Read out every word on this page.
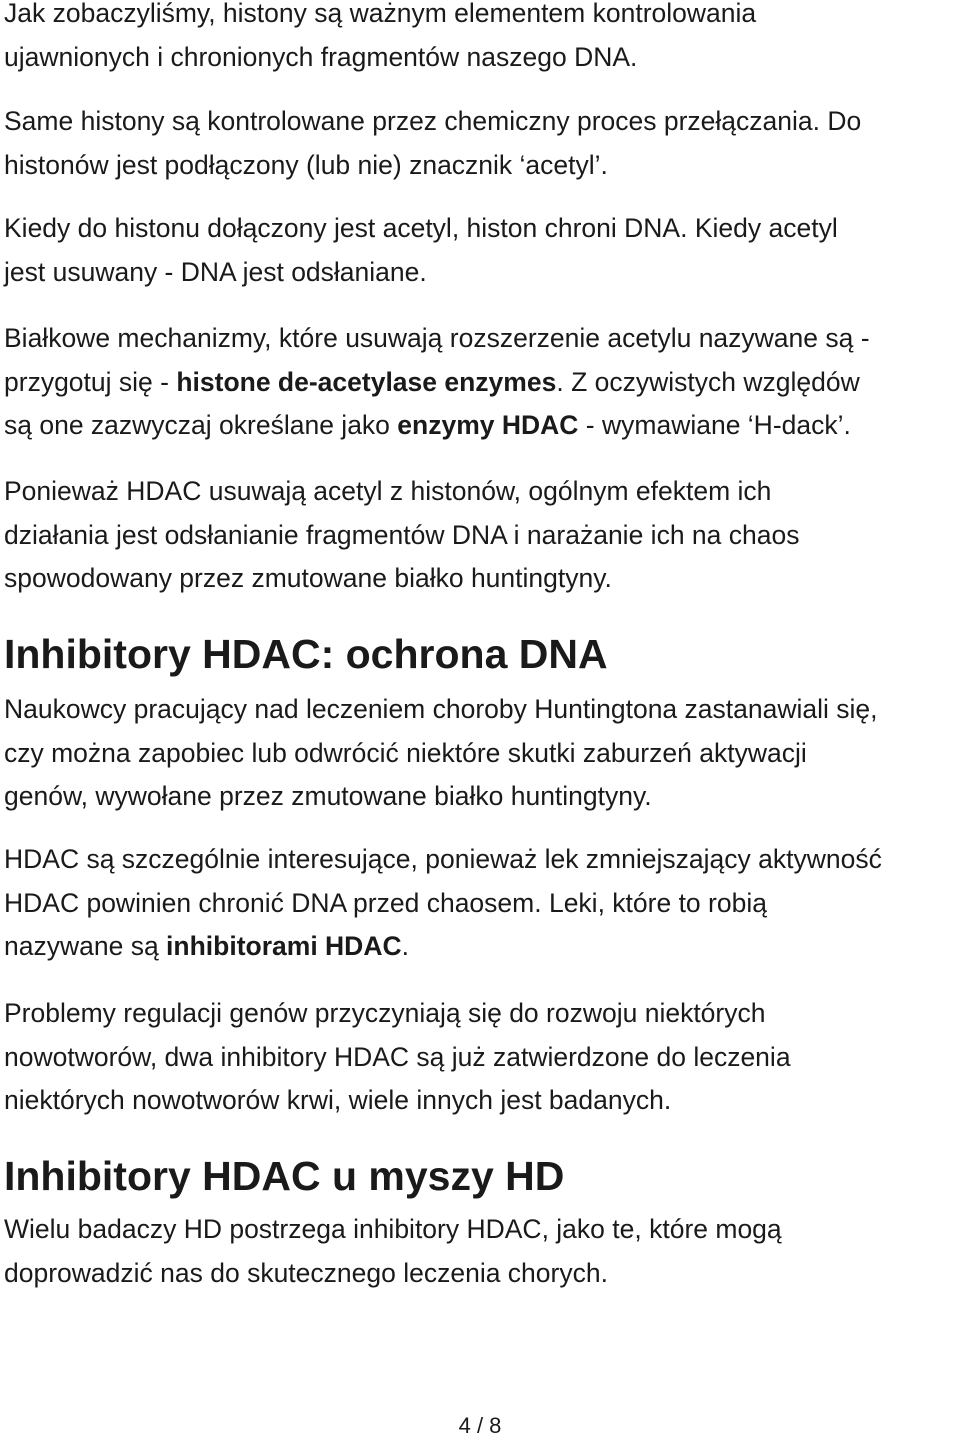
Jak zobaczyliśmy, histony są ważnym elementem kontrolowania
ujawnionych i chronionych fragmentów naszego DNA.

Same histony są kontrolowane przez chemiczny proces przełączania. Do
histonów jest podłączony (lub nie) znacznik ‘acetyl’.

Kiedy do histonu dołączony jest acetyl, histon chroni DNA. Kiedy acetyl
jest usuwany - DNA jest odsłaniane.

Białkowe mechanizmy, które usuwają rozszerzenie acetylu nazywane są -
przygotuj się - histone de-acetylase enzymes. Z oczywistych względów
są one zazwyczaj określane jako enzymy HDAC - wymawiane ‘H-dack’.

Ponieważ HDAC usuwają acetyl z histonów, ogólnym efektem ich
działania jest odsłanianie fragmentów DNA i narażanie ich na chaos
spowodowany przez zmutowane białko huntingtyny.

Inhibitory HDAC: ochrona DNA

Naukowcy pracujący nad leczeniem choroby Huntingtona zastanawiali się,
czy można zapobiec lub odwrócić niektóre skutki zaburzeń aktywacji
genów, wywołane przez zmutowane białko huntingtyny.

HDAC są szczególnie interesujące, ponieważ lek zmniejszający aktywność
HDAC powinien chronić DNA przed chaosem. Leki, które to robią
nazywane są inhibitorami HDAC.

Problemy regulacji genów przyczyniają się do rozwoju niektórych
nowotworów, dwa inhibitory HDAC są już zatwierdzone do leczenia
niektórych nowotworów krwi, wiele innych jest badanych.

Inhibitory HDAC u myszy HD

Wielu badaczy HD postrzega inhibitory HDAC, jako te, które mogą
doprowadzić nas do skutecznego leczenia chorych.

4 / 8
